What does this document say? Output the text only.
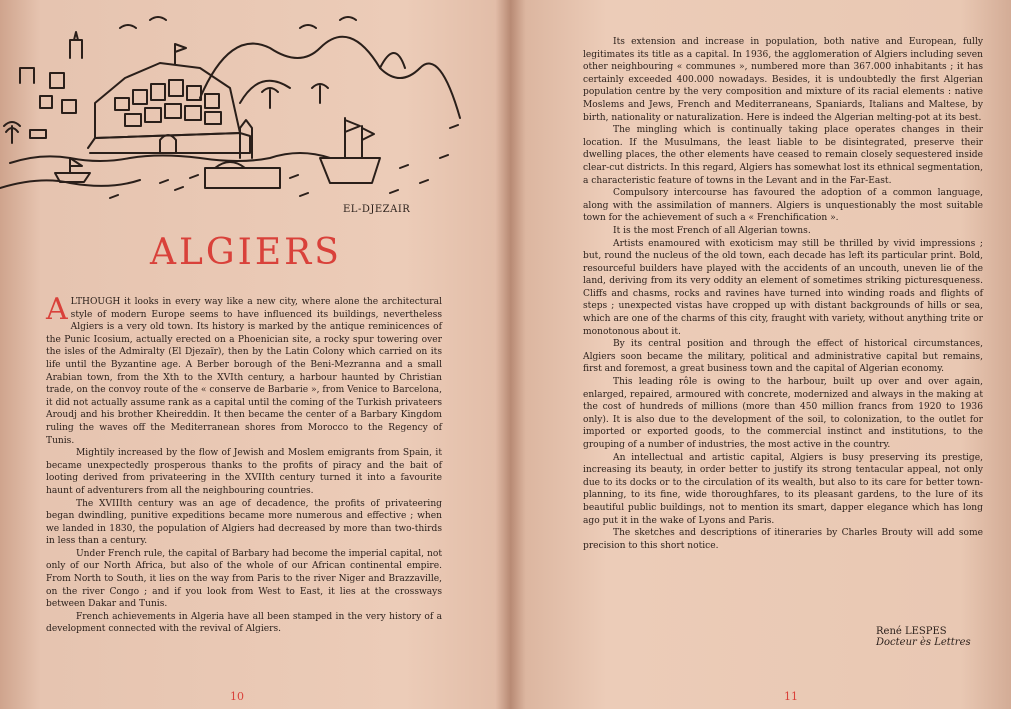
EL-DJEZAIR
ALGIERS

ALTHOUGH it looks in every way like a new city, where alone the architectural style of modern Europe seems to have influenced its buildings, nevertheless Algiers is a very old town. Its history is marked by the antique reminicences of the Punic Icosium, actually erected on a Phoenician site, a rocky spur towering over the isles of the Admiralty (El Djezaïr), then by the Latin Colony which carried on its life until the Byzantine age. A Berber borough of the Beni-Mezranna and a small Arabian town, from the Xth to the XVIth century, a harbour haunted by Christian trade, on the convoy route of the « conserve de Barbarie », from Venice to Barcelona, it did not actually assume rank as a capital until the coming of the Turkish privateers Aroudj and his brother Kheireddin. It then became the center of a Barbary Kingdom ruling the waves off the Mediterranean shores from Morocco to the Regency of Tunis.

Mightily increased by the flow of Jewish and Moslem emigrants from Spain, it became unexpectedly prosperous thanks to the profits of piracy and the bait of looting derived from privateering in the XVIIth century turned it into a favourite haunt of adventurers from all the neighbouring countries.

The XVIIIth century was an age of decadence, the profits of privateering began dwindling, punitive expeditions became more numerous and effective ; when we landed in 1830, the population of Algiers had decreased by more than two-thirds in less than a century.

Under French rule, the capital of Barbary had become the imperial capital, not only of our North Africa, but also of the whole of our African continental empire. From North to South, it lies on the way from Paris to the river Niger and Brazzaville, on the river Congo ; and if you look from West to East, it lies at the crossways between Dakar and Tunis.

French achievements in Algeria have all been stamped in the very history of a development connected with the revival of Algiers.

10

Its extension and increase in population, both native and European, fully legitimates its title as a capital. In 1936, the agglomeration of Algiers including seven other neighbouring « communes », numbered more than 367.000 inhabitants ; it has certainly exceeded 400.000 nowadays. Besides, it is undoubtedly the first Algerian population centre by the very composition and mixture of its racial elements : native Moslems and Jews, French and Mediterraneans, Spaniards, Italians and Maltese, by birth, nationality or naturalization. Here is indeed the Algerian melting-pot at its best.

The mingling which is continually taking place operates changes in their location. If the Musulmans, the least liable to be disintegrated, preserve their dwelling places, the other elements have ceased to remain closely sequestered inside clear-cut districts. In this regard, Algiers has somewhat lost its ethnical segmentation, a characteristic feature of towns in the Levant and in the Far-East.

Compulsory intercourse has favoured the adoption of a common language, along with the assimilation of manners. Algiers is unquestionably the most suitable town for the achievement of such a « Frenchification ».

It is the most French of all Algerian towns.

Artists enamoured with exoticism may still be thrilled by vivid impressions ; but, round the nucleus of the old town, each decade has left its particular print. Bold, resourceful builders have played with the accidents of an uncouth, uneven lie of the land, deriving from its very oddity an element of sometimes striking picturesqueness. Cliffs and chasms, rocks and ravines have turned into winding roads and flights of steps ; unexpected vistas have cropped up with distant backgrounds of hills or sea, which are one of the charms of this city, fraught with variety, without anything trite or monotonous about it.

By its central position and through the effect of historical circumstances, Algiers soon became the military, political and administrative capital but remains, first and foremost, a great business town and the capital of Algerian economy.

This leading rôle is owing to the harbour, built up over and over again, enlarged, repaired, armoured with concrete, modernized and always in the making at the cost of hundreds of millions (more than 450 million francs from 1920 to 1936 only). It is also due to the development of the soil, to colonization, to the outlet for imported or exported goods, to the commercial instinct and institutions, to the grouping of a number of industries, the most active in the country.

An intellectual and artistic capital, Algiers is busy preserving its prestige, increasing its beauty, in order better to justify its strong tentacular appeal, not only due to its docks or to the circulation of its wealth, but also to its care for better town-planning, to its fine, wide thoroughfares, to its pleasant gardens, to the lure of its beautiful public buildings, not to mention its smart, dapper elegance which has long ago put it in the wake of Lyons and Paris.

The sketches and descriptions of itineraries by Charles Brouty will add some precision to this short notice.

René LESPES
Docteur ès Lettres
11
